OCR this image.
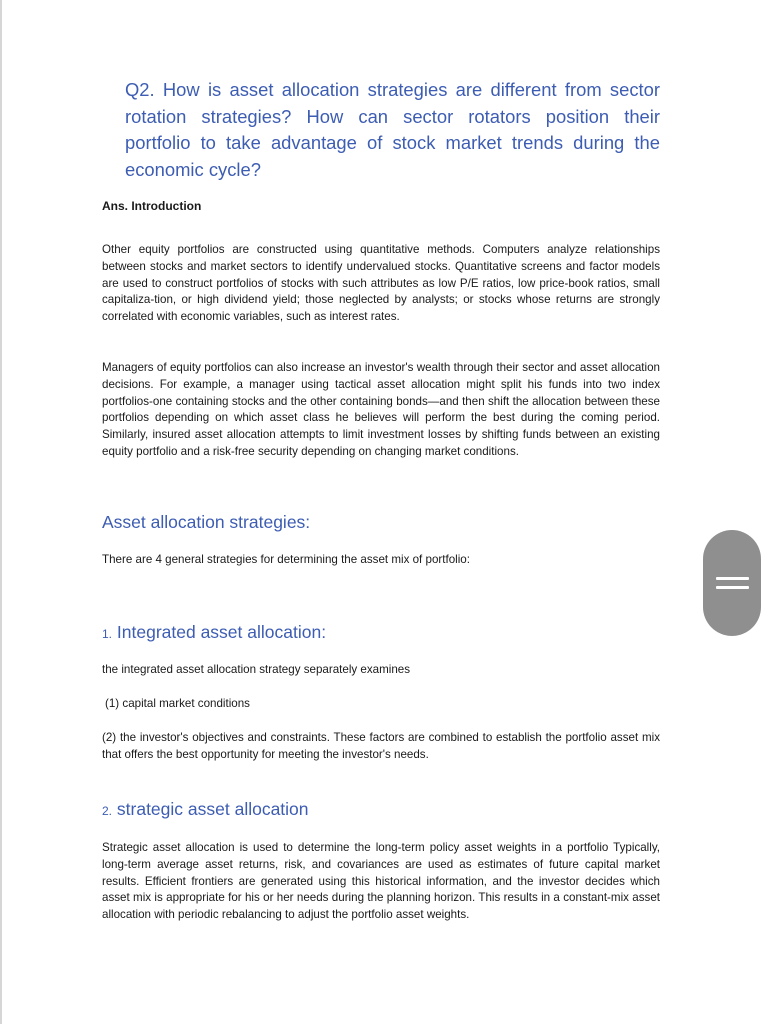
Q2. How is asset allocation strategies are different from sector rotation strategies? How can sector rotators position their portfolio to take advantage of stock market trends during the economic cycle?

Ans. Introduction

Other equity portfolios are constructed using quantitative methods. Computers analyze relationships between stocks and market sectors to identify undervalued stocks. Quantitative screens and factor models are used to construct portfolios of stocks with such attributes as low P/E ratios, low price-book ratios, small capitaliza-tion, or high dividend yield; those neglected by analysts; or stocks whose returns are strongly correlated with economic variables, such as interest rates.

Managers of equity portfolios can also increase an investor's wealth through their sector and asset allocation decisions. For example, a manager using tactical asset allocation might split his funds into two index portfolios-one containing stocks and the other containing bonds—and then shift the allocation between these portfolios depending on which asset class he believes will perform the best during the coming period. Similarly, insured asset allocation attempts to limit investment losses by shifting funds between an existing equity portfolio and a risk-free security depending on changing market conditions.

Asset allocation strategies:

There are 4 general strategies for determining the asset mix of portfolio:

1. Integrated asset allocation:

the integrated asset allocation strategy separately examines

(1) capital market conditions

(2) the investor's objectives and constraints. These factors are combined to establish the portfolio asset mix that offers the best opportunity for meeting the investor's needs.

2. strategic asset allocation

Strategic asset allocation is used to determine the long-term policy asset weights in a portfolio Typically, long-term average asset returns, risk, and covariances are used as estimates of future capital market results. Efficient frontiers are generated using this historical information, and the investor decides which asset mix is appropriate for his or her needs during the planning horizon. This results in a constant-mix asset allocation with periodic rebalancing to adjust the portfolio asset weights.
